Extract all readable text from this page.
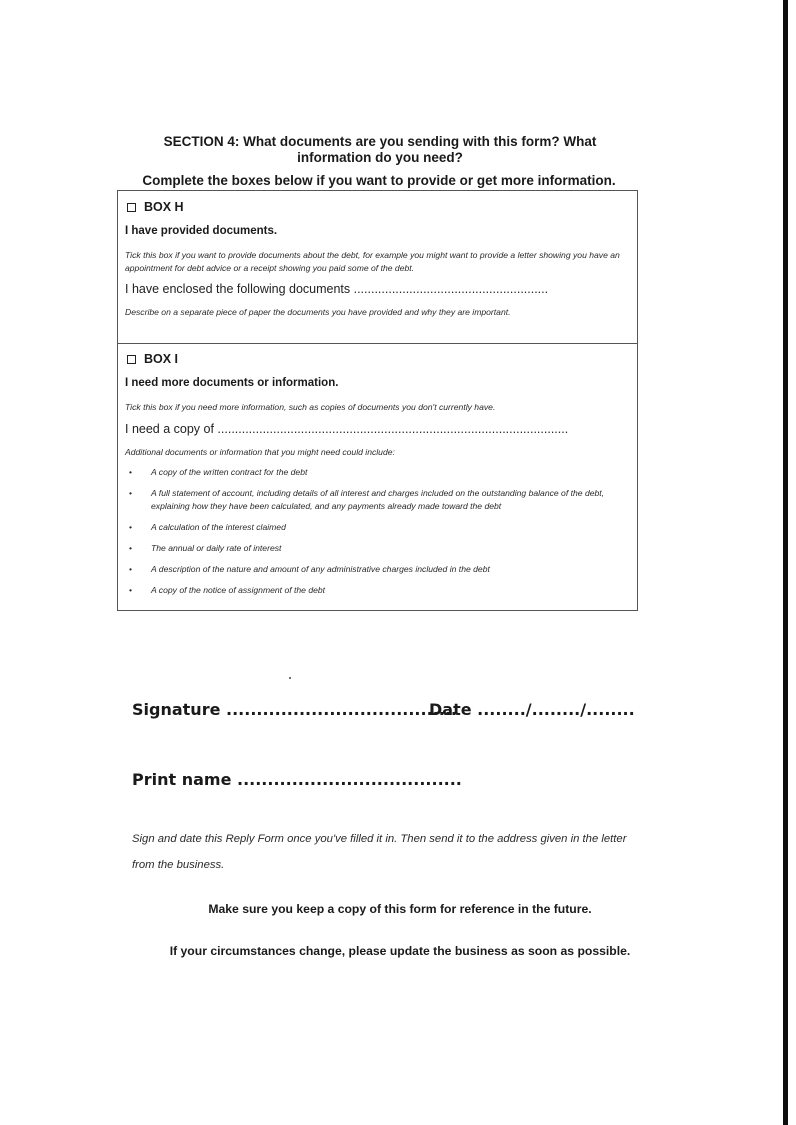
SECTION 4: What documents are you sending with this form? What information do you need?
Complete the boxes below if you want to provide or get more information.
BOX H
I have provided documents.
Tick this box if you want to provide documents about the debt, for example you might want to provide a letter showing you have an appointment for debt advice or a receipt showing you paid some of the debt.
I have enclosed the following documents ........................................................
Describe on a separate piece of paper the documents you have provided and why they are important.
BOX I
I need more documents or information.
Tick this box if you need more information, such as copies of documents you don't currently have.
I need a copy of .....................................................................................................
Additional documents or information that you might need could include:
• A copy of the written contract for the debt
• A full statement of account, including details of all interest and charges included on the outstanding balance of the debt, explaining how they have been calculated, and any payments already made toward the debt
• A calculation of the interest claimed
• The annual or daily rate of interest
• A description of the nature and amount of any administrative charges included in the debt
• A copy of the notice of assignment of the debt
Signature ......................................
Date ......../......../........
Print name .....................................
Sign and date this Reply Form once you've filled it in. Then send it to the address given in the letter from the business.
Make sure you keep a copy of this form for reference in the future.
If your circumstances change, please update the business as soon as possible.
